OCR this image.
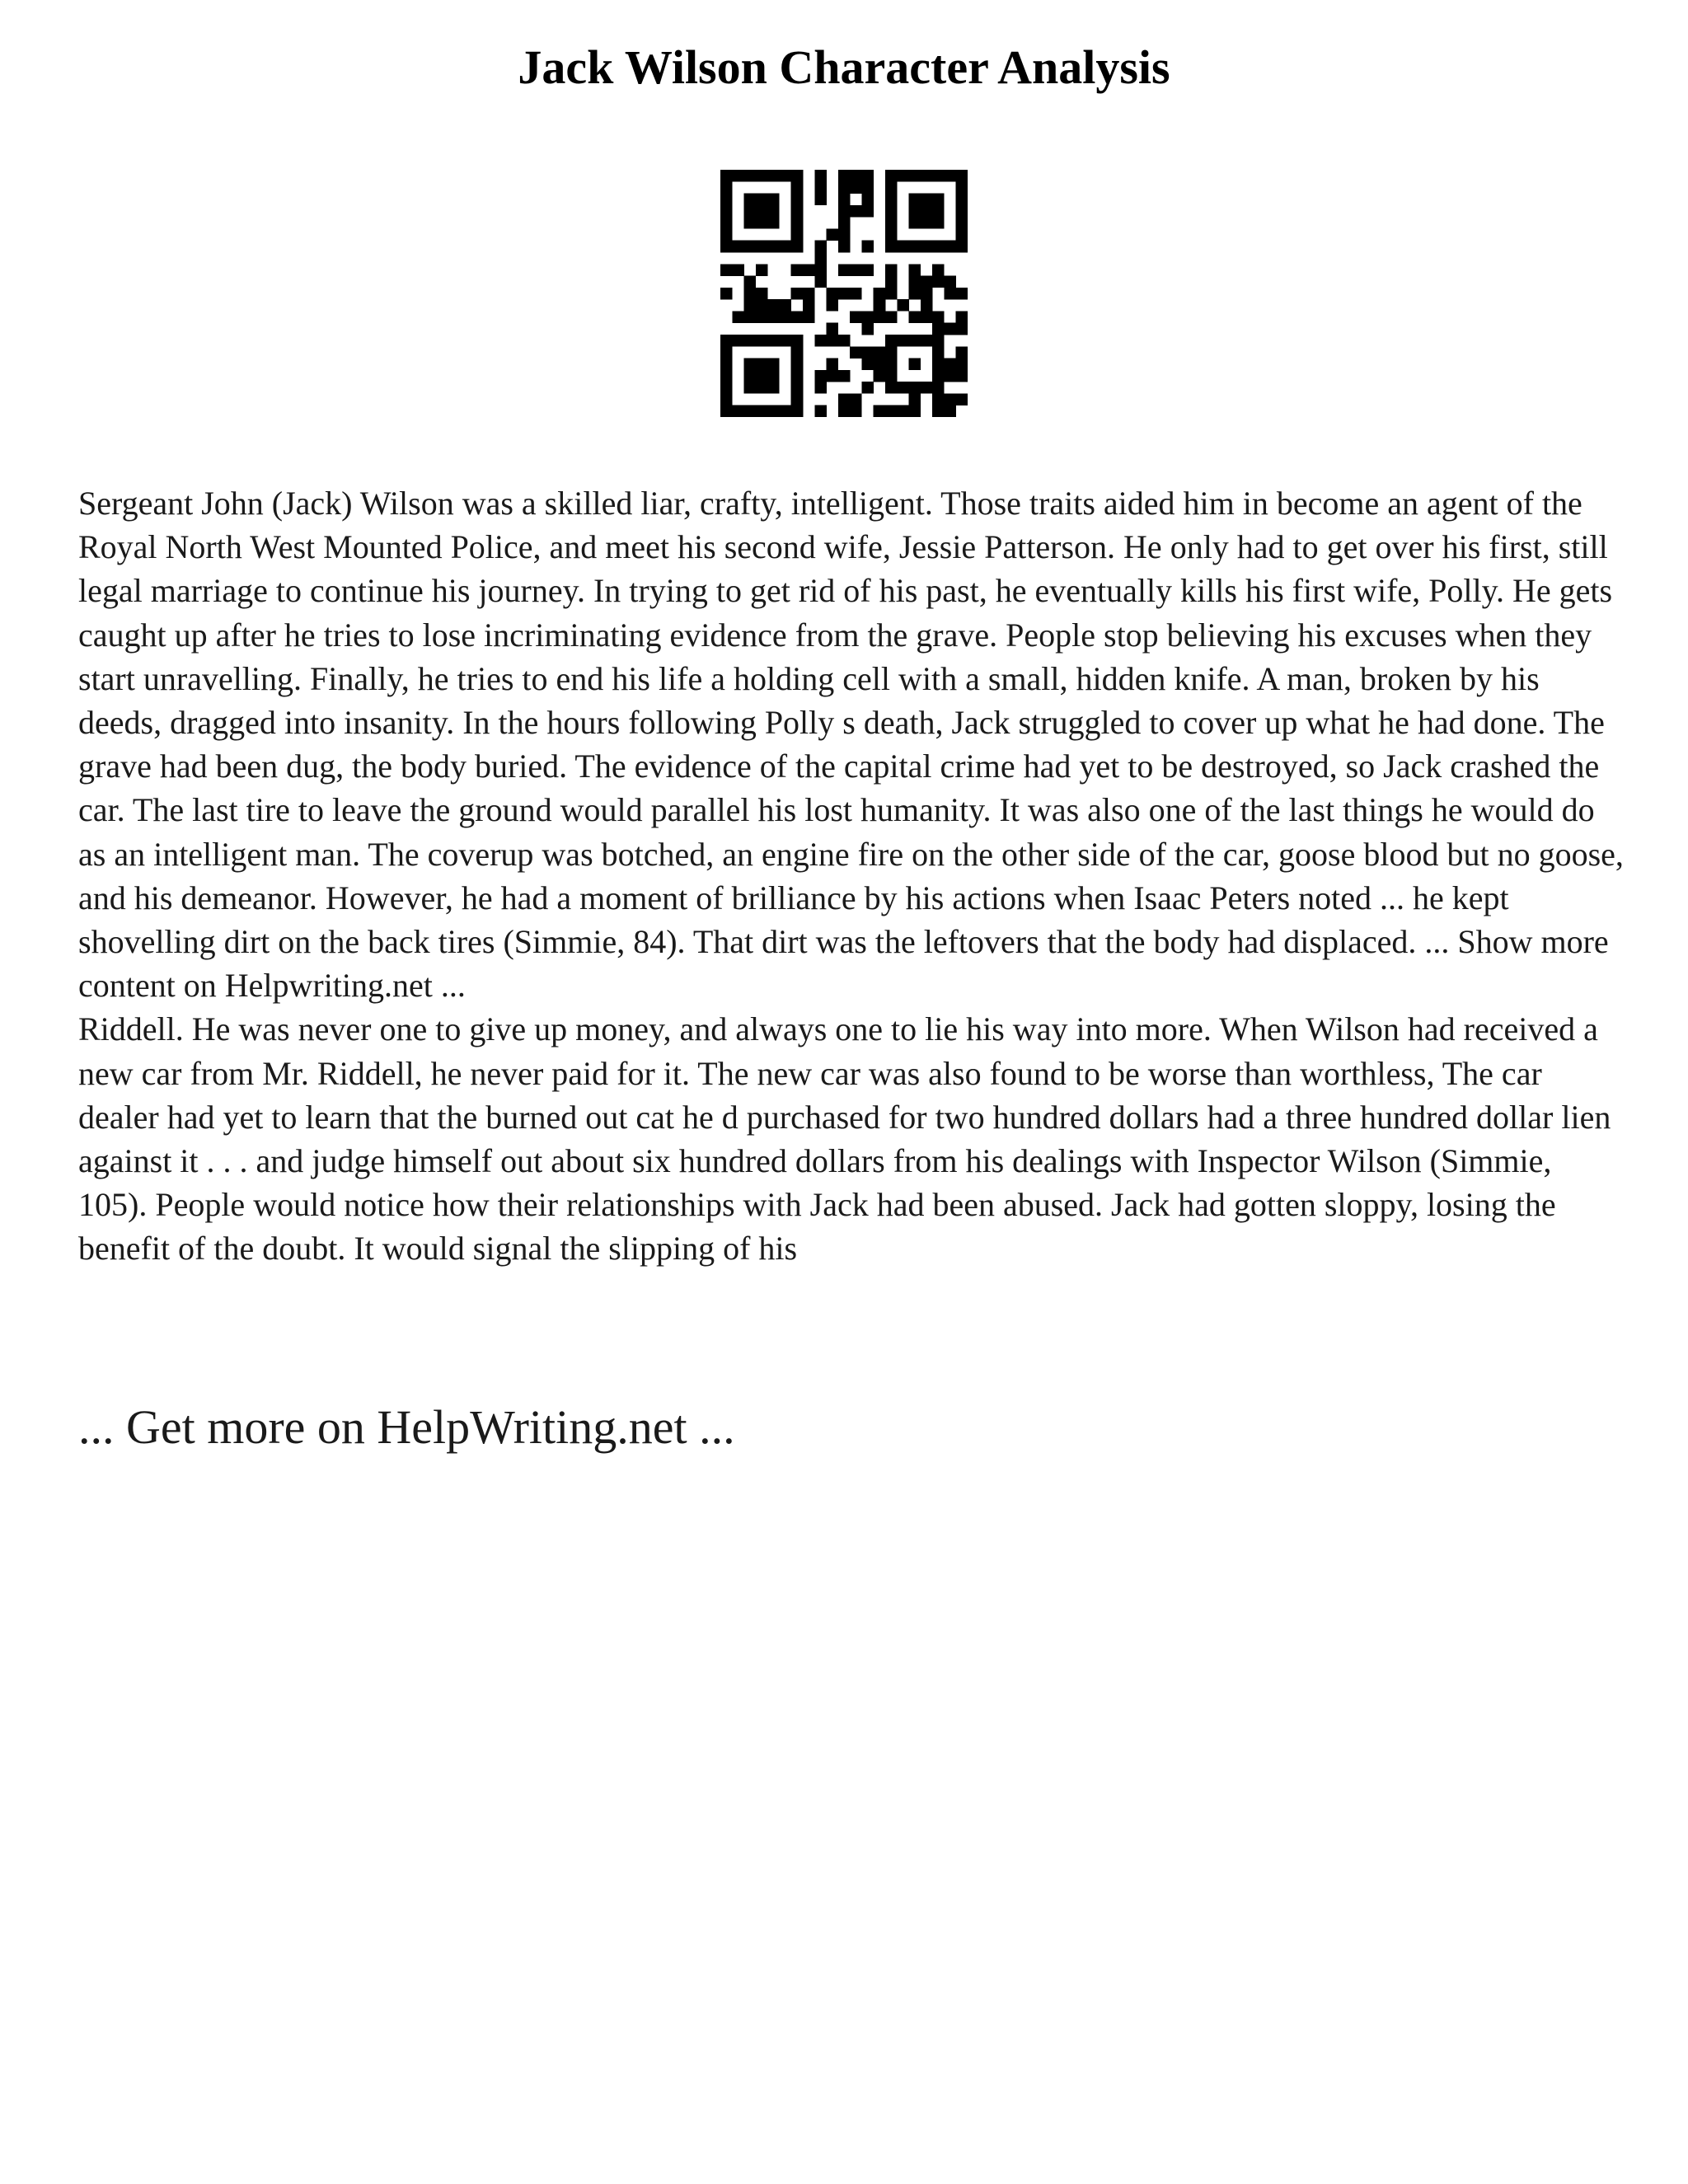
Jack Wilson Character Analysis

Sergeant John (Jack) Wilson was a skilled liar, crafty, intelligent. Those traits aided him in become an agent of the Royal North West Mounted Police, and meet his second wife, Jessie Patterson. He only had to get over his first, still legal marriage to continue his journey. In trying to get rid of his past, he eventually kills his first wife, Polly. He gets caught up after he tries to lose incriminating evidence from the grave. People stop believing his excuses when they start unravelling. Finally, he tries to end his life a holding cell with a small, hidden knife. A man, broken by his deeds, dragged into insanity. In the hours following Polly s death, Jack struggled to cover up what he had done. The grave had been dug, the body buried. The evidence of the capital crime had yet to be destroyed, so Jack crashed the car. The last tire to leave the ground would parallel his lost humanity. It was also one of the last things he would do as an intelligent man. The coverup was botched, an engine fire on the other side of the car, goose blood but no goose, and his demeanor. However, he had a moment of brilliance by his actions when Isaac Peters noted ... he kept shovelling dirt on the back tires (Simmie, 84). That dirt was the leftovers that the body had displaced. ... Show more content on Helpwriting.net ...

Riddell. He was never one to give up money, and always one to lie his way into more. When Wilson had received a new car from Mr. Riddell, he never paid for it. The new car was also found to be worse than worthless, The car dealer had yet to learn that the burned out cat he d purchased for two hundred dollars had a three hundred dollar lien against it . . . and judge himself out about six hundred dollars from his dealings with Inspector Wilson (Simmie, 105). People would notice how their relationships with Jack had been abused. Jack had gotten sloppy, losing the benefit of the doubt. It would signal the slipping of his

... Get more on HelpWriting.net ...
